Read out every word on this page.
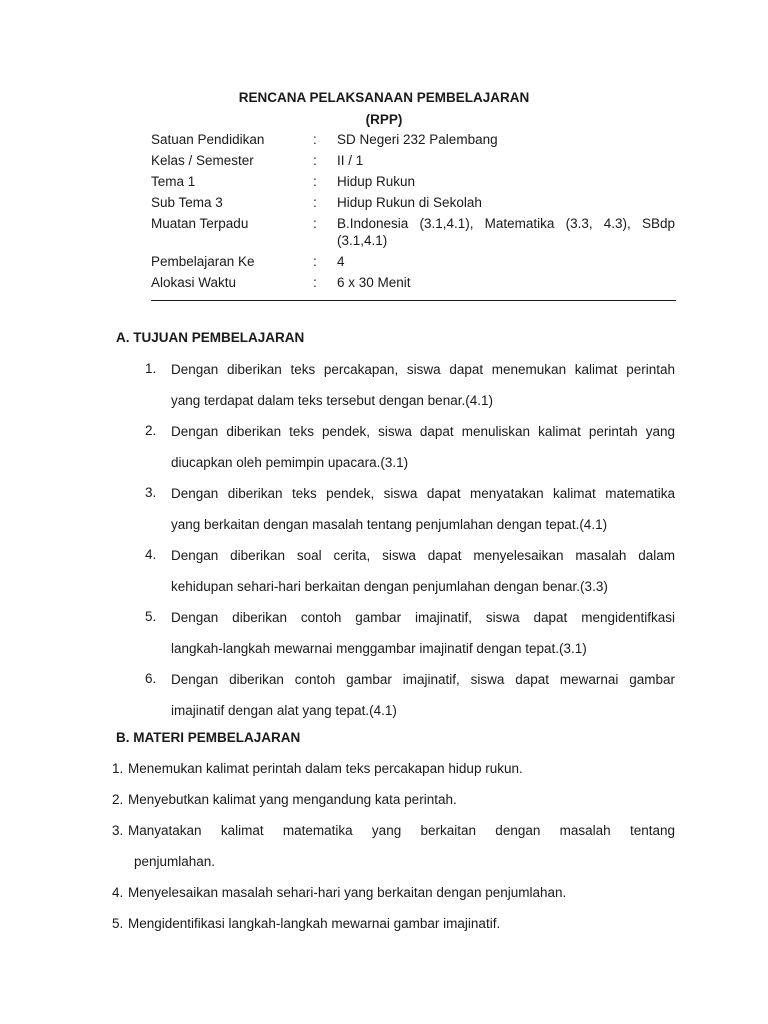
RENCANA PELAKSANAAN PEMBELAJARAN
(RPP)
Satuan Pendidikan	:	SD Negeri 232 Palembang
Kelas / Semester	:	II / 1
Tema 1	:	Hidup Rukun
Sub Tema 3	:	Hidup Rukun di Sekolah
Muatan Terpadu	:	B.Indonesia (3.1,4.1), Matematika (3.3, 4.3), SBdp
(3.1,4.1)
Pembelajaran Ke	:	4
Alokasi Waktu	:	6 x 30 Menit
A. TUJUAN PEMBELAJARAN
1.	Dengan diberikan teks percakapan, siswa dapat menemukan kalimat perintah
yang terdapat dalam teks tersebut dengan benar.(4.1)
2.	Dengan diberikan teks pendek, siswa dapat menuliskan kalimat perintah yang
diucapkan oleh pemimpin upacara.(3.1)
3.	Dengan diberikan teks pendek, siswa dapat menyatakan kalimat matematika
yang berkaitan dengan masalah tentang penjumlahan dengan tepat.(4.1)
4.	Dengan diberikan soal cerita, siswa dapat menyelesaikan masalah dalam
kehidupan sehari-hari berkaitan dengan penjumlahan dengan benar.(3.3)
5.	Dengan diberikan contoh gambar imajinatif, siswa dapat mengidentifkasi
langkah-langkah mewarnai menggambar imajinatif dengan tepat.(3.1)
6.	Dengan diberikan contoh gambar imajinatif, siswa dapat mewarnai gambar
imajinatif dengan alat yang tepat.(4.1)
B. MATERI PEMBELAJARAN
1. Menemukan kalimat perintah dalam teks percakapan hidup rukun.
2. Menyebutkan kalimat yang mengandung kata perintah.
3. Manyatakan kalimat matematika yang berkaitan dengan masalah tentang
penjumlahan.
4. Menyelesaikan masalah sehari-hari yang berkaitan dengan penjumlahan.
5. Mengidentifikasi langkah-langkah mewarnai gambar imajinatif.
